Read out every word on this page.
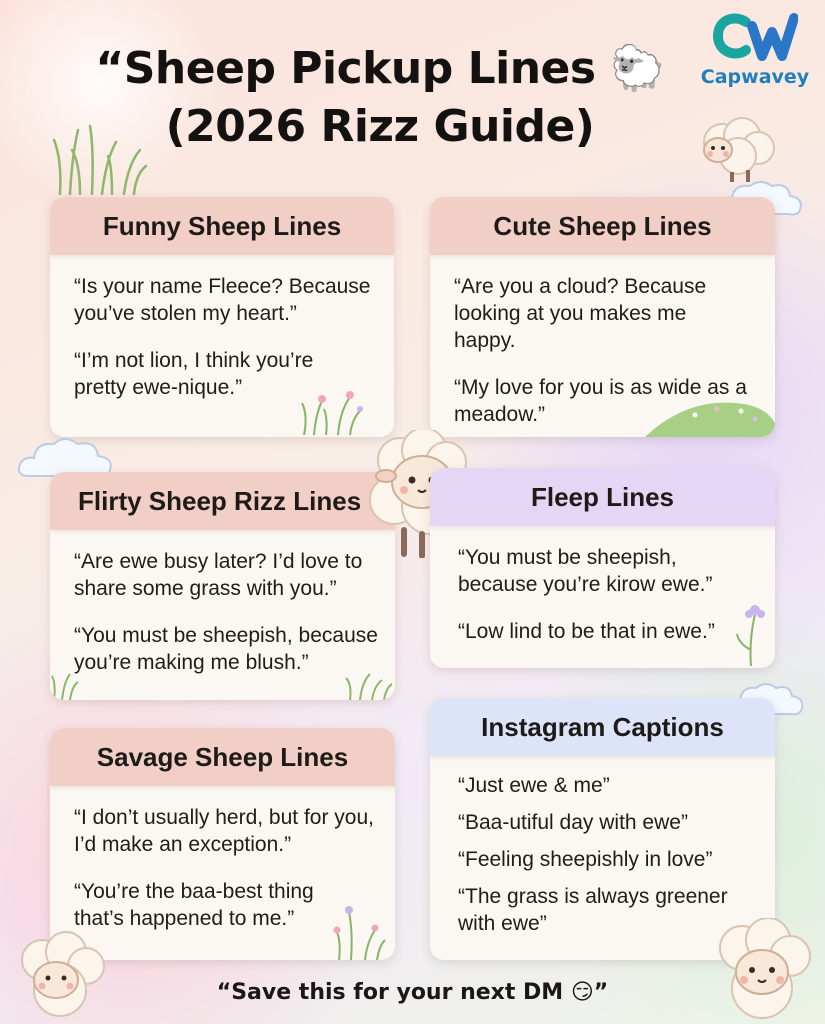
“Sheep Pickup Lines 🐑
(2026 Rizz Guide)
Capwavey
Funny Sheep Lines

“Is your name Fleece? Because you’ve stolen my heart.”

“I’m not lion, I think you’re pretty ewe-nique.”

Cute Sheep Lines

“Are you a cloud? Because looking at you makes me happy.

“My love for you is as wide as a meadow.”

Flirty Sheep Rizz Lines

“Are ewe busy later? I’d love to share some grass with you.”

“You must be sheepish, because you’re making me blush.”

Fleep Lines

“You must be sheepish, because you’re kirow ewe.”

“Low lind to be that in ewe.”

Savage Sheep Lines

“I don’t usually herd, but for you, I’d make an exception.”

“You’re the baa-best thing that’s happened to me.”

Instagram Captions

“Just ewe & me”

“Baa-utiful day with ewe”

“Feeling sheepishly in love”

“The grass is always greener with ewe”

“Save this for your next DM 😏”
